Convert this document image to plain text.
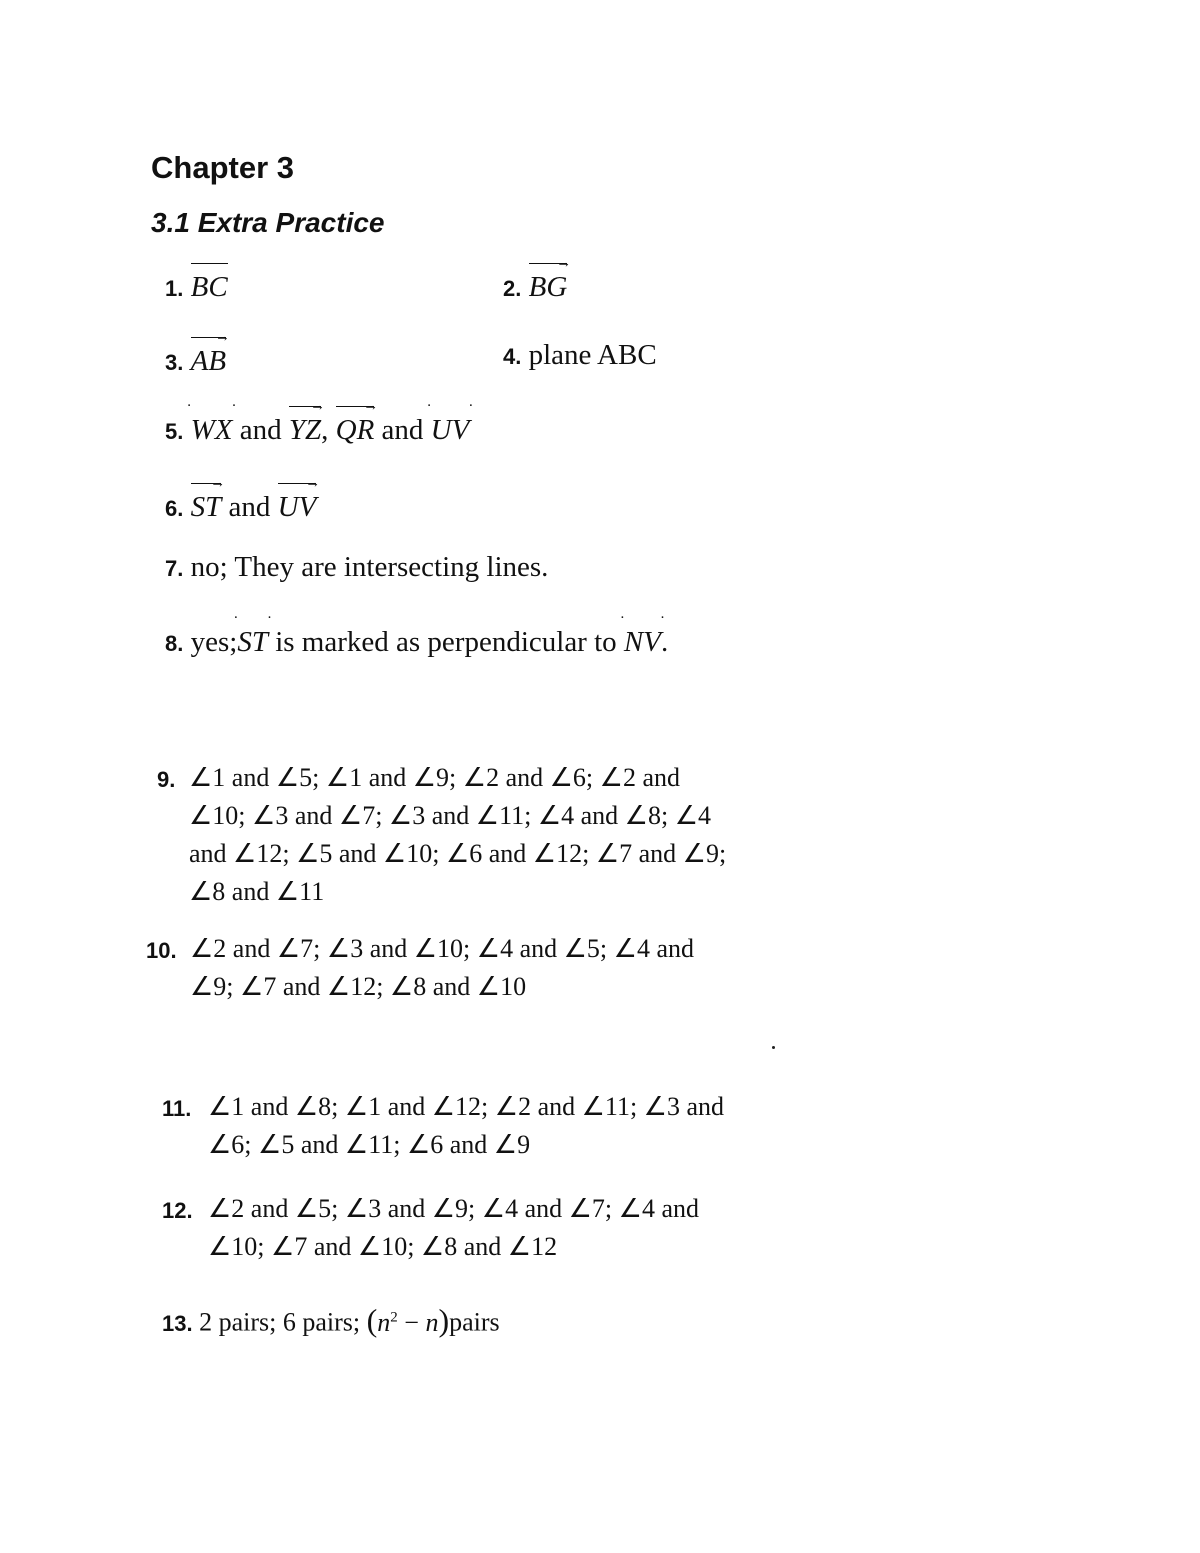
Chapter 3
3.1 Extra Practice
1. BC	2.
→
BG
3.
→
AB	4. plane ABC
5.
·	·
WX and
→
YZ,
→
QR and
· ·
UV
6.
→
ST and
→
UV
7. no; They are intersecting lines.
8. yes;
· ·
ST is marked as perpendicular to
· ·
NV.
9. ∠1 and ∠5; ∠1 and ∠9; ∠2 and ∠6; ∠2 and
∠10; ∠3 and ∠7; ∠3 and ∠11; ∠4 and ∠8; ∠4
and ∠12; ∠5 and ∠10; ∠6 and ∠12; ∠7 and ∠9;
∠8 and ∠11
10. ∠2 and ∠7; ∠3 and ∠10; ∠4 and ∠5; ∠4 and
∠9; ∠7 and ∠12; ∠8 and ∠10
11. ∠1 and ∠8; ∠1 and ∠12; ∠2 and ∠11; ∠3 and
∠6; ∠5 and ∠11; ∠6 and ∠9
12. ∠2 and ∠5; ∠3 and ∠9; ∠4 and ∠7; ∠4 and
∠10; ∠7 and ∠10; ∠8 and ∠12
13. 2 pairs; 6 pairs; ($n^2$ − n)pairs
